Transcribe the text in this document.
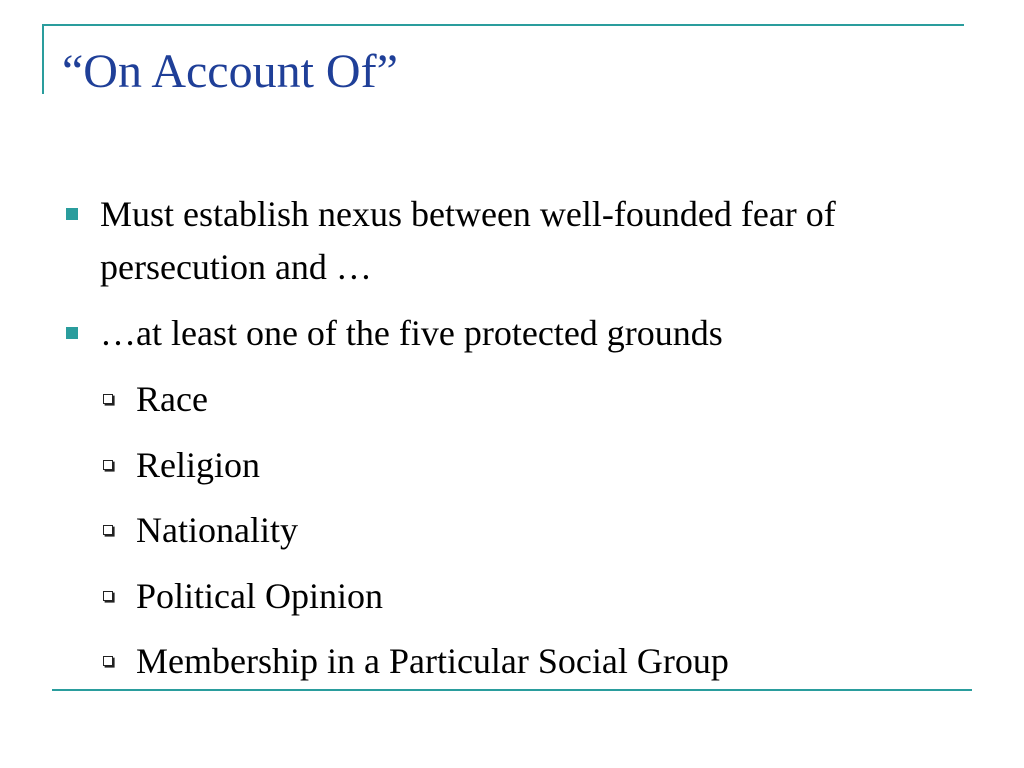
“On Account Of”
Must establish nexus between well-founded fear of persecution and …
…at least one of the five protected grounds
Race
Religion
Nationality
Political Opinion
Membership in a Particular Social Group
